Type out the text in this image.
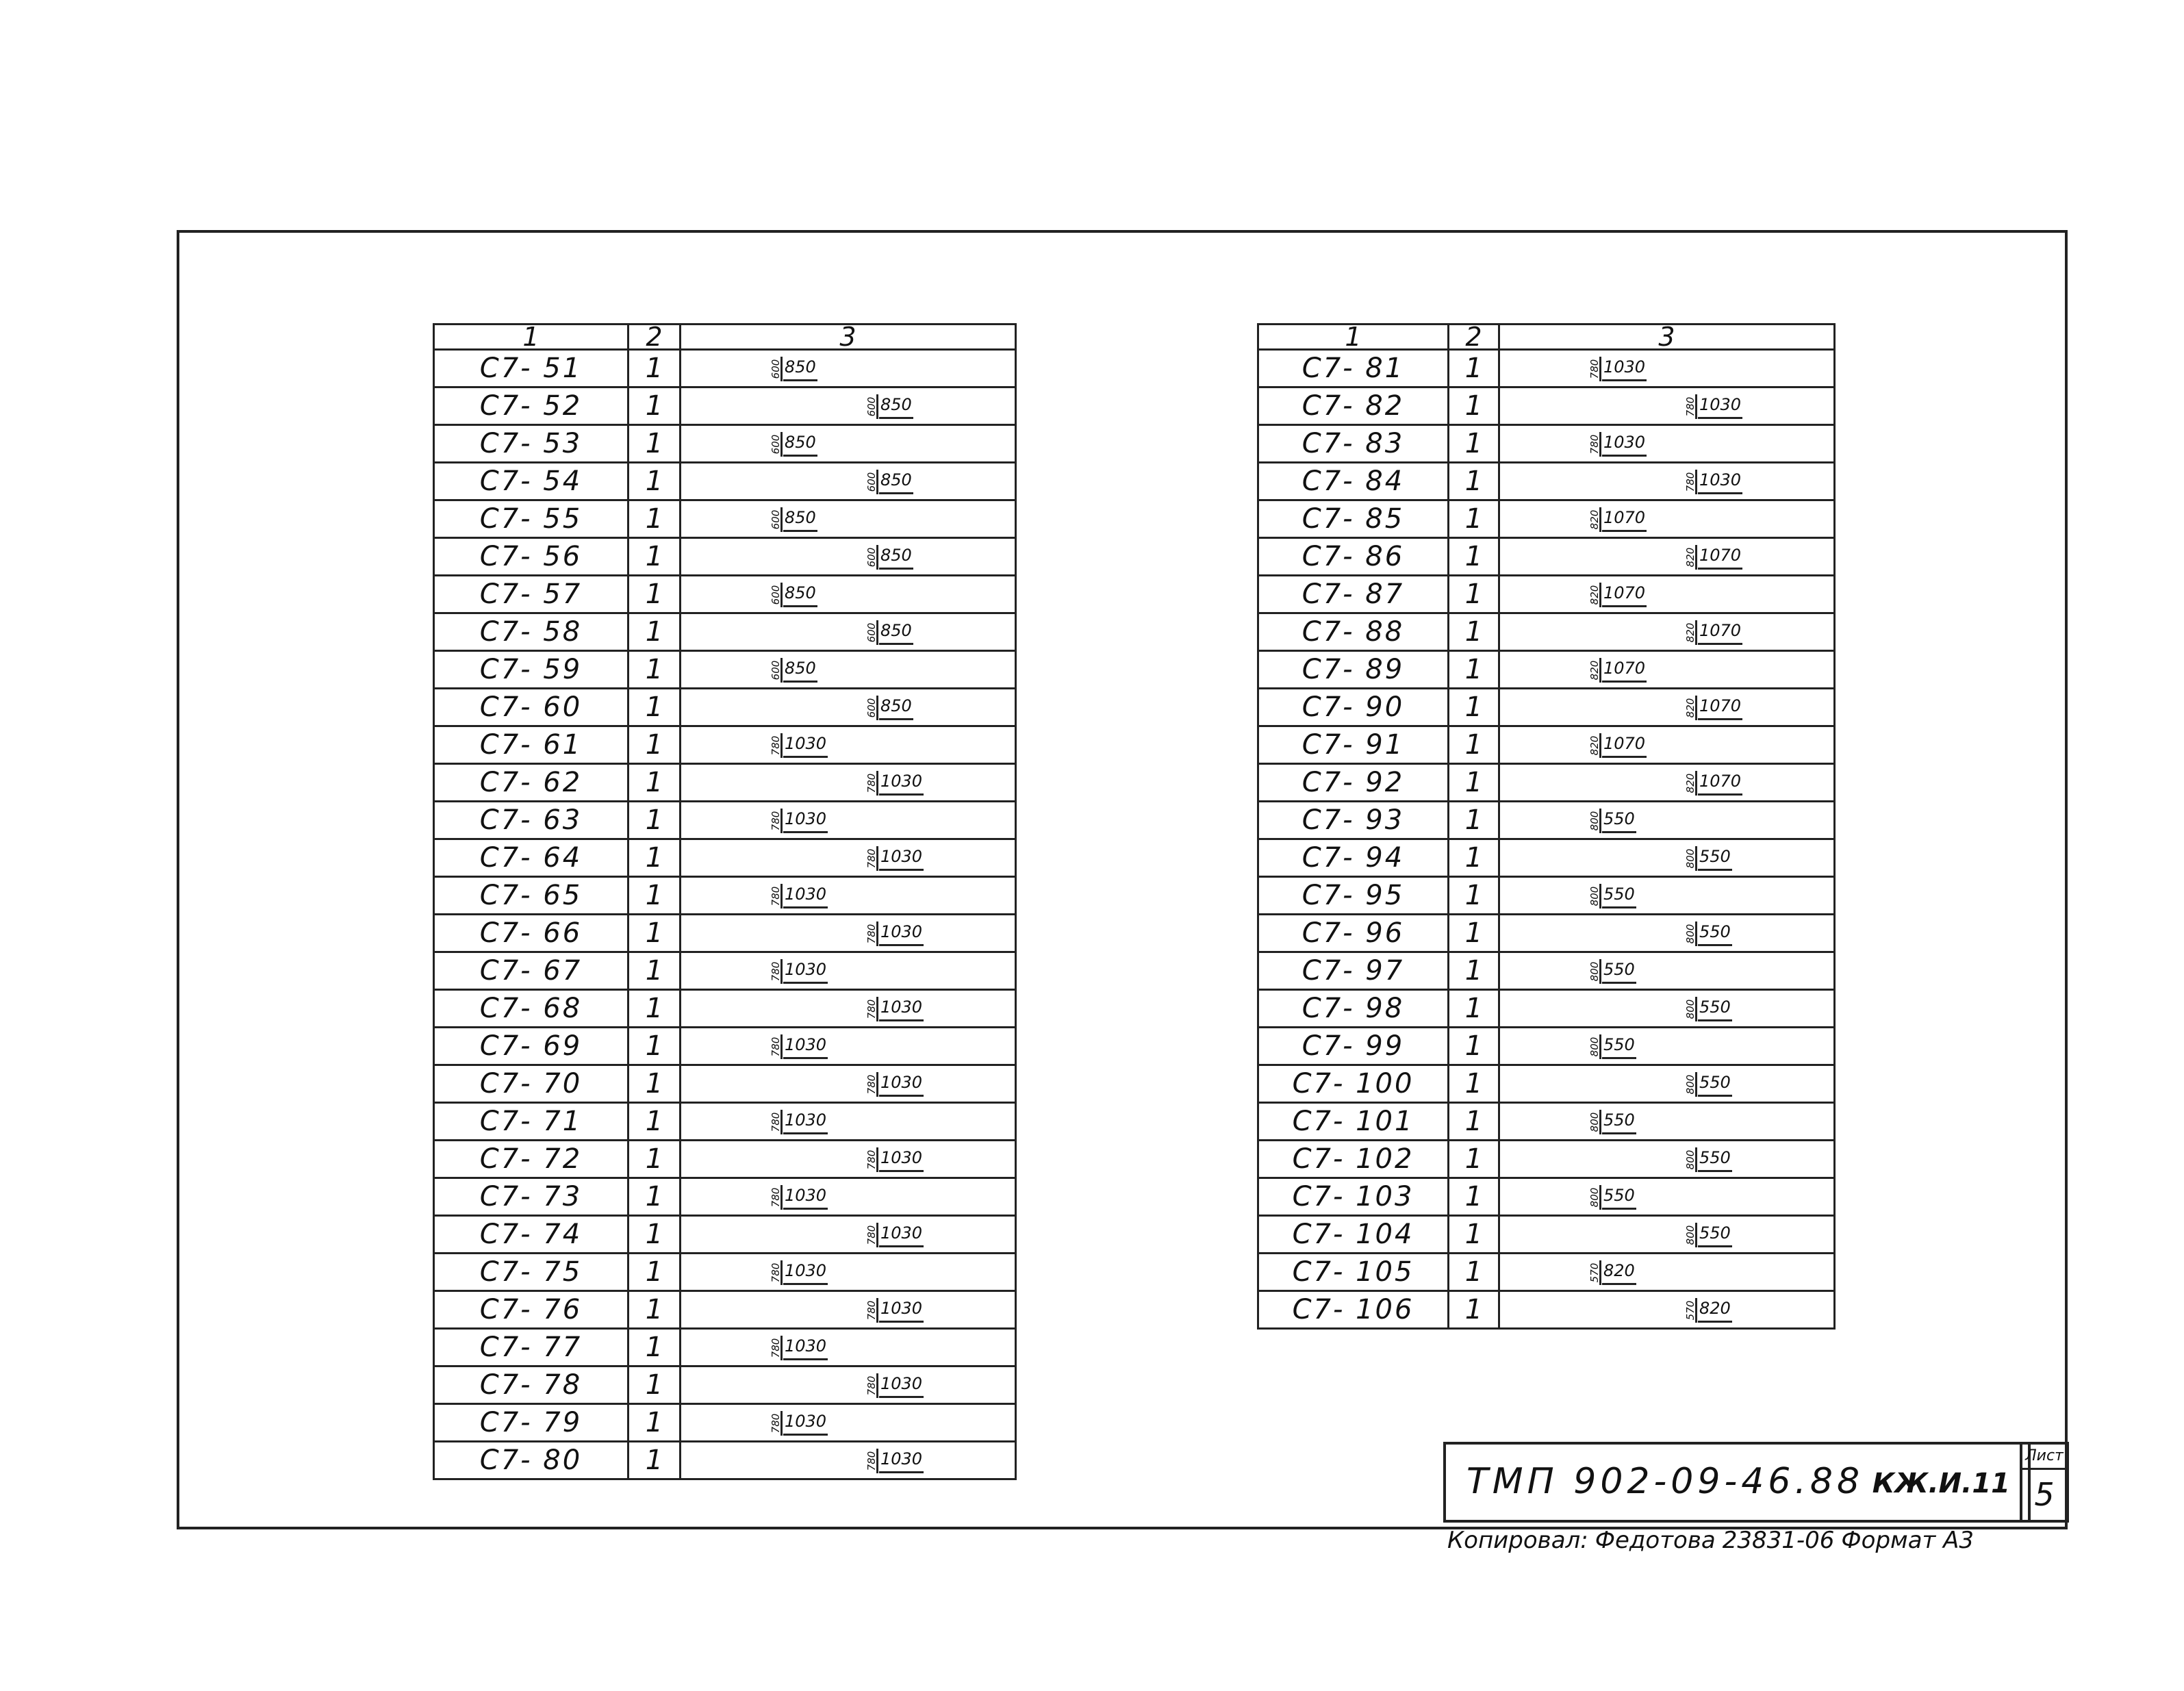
1	2	3
С7- 51	1	600 850

С7- 52	1	600 850

С7- 53	1	600 850

С7- 54	1	600 850

С7- 55	1	600 850

С7- 56	1	600 850

С7- 57	1	600 850

С7- 58	1	600 850

С7- 59	1	600 850

С7- 60	1	600 850

С7- 61	1	780 1030

С7- 62	1	780 1030

С7- 63	1	780 1030

С7- 64	1	780 1030

С7- 65	1	780 1030

С7- 66	1	780 1030

С7- 67	1	780 1030

С7- 68	1	780 1030

С7- 69	1	780 1030

С7- 70	1	780 1030

С7- 71	1	780 1030

С7- 72	1	780 1030

С7- 73	1	780 1030

С7- 74	1	780 1030

С7- 75	1	780 1030

С7- 76	1	780 1030

С7- 77	1	780 1030

С7- 78	1	780 1030

С7- 79	1	780 1030

С7- 80	1	780 1030
1	2	3
С7- 81	1	780 1030

С7- 82	1	780 1030

С7- 83	1	780 1030

С7- 84	1	780 1030

С7- 85	1	820 1070

С7- 86	1	820 1070

С7- 87	1	820 1070

С7- 88	1	820 1070

С7- 89	1	820 1070

С7- 90	1	820 1070

С7- 91	1	820 1070

С7- 92	1	820 1070

С7- 93	1	800 550

С7- 94	1	800 550

С7- 95	1	800 550

С7- 96	1	800 550

С7- 97	1	800 550

С7- 98	1	800 550

С7- 99	1	800 550

С7- 100	1	800 550

С7- 101	1	800 550

С7- 102	1	800 550

С7- 103	1	800 550

С7- 104	1	800 550

С7- 105	1	570 820

С7- 106	1	570 820
ТМП 902-09-46.88 КЖ.И.11
Лист
5
Копировал: Федотова 23831-06 Формат А3
